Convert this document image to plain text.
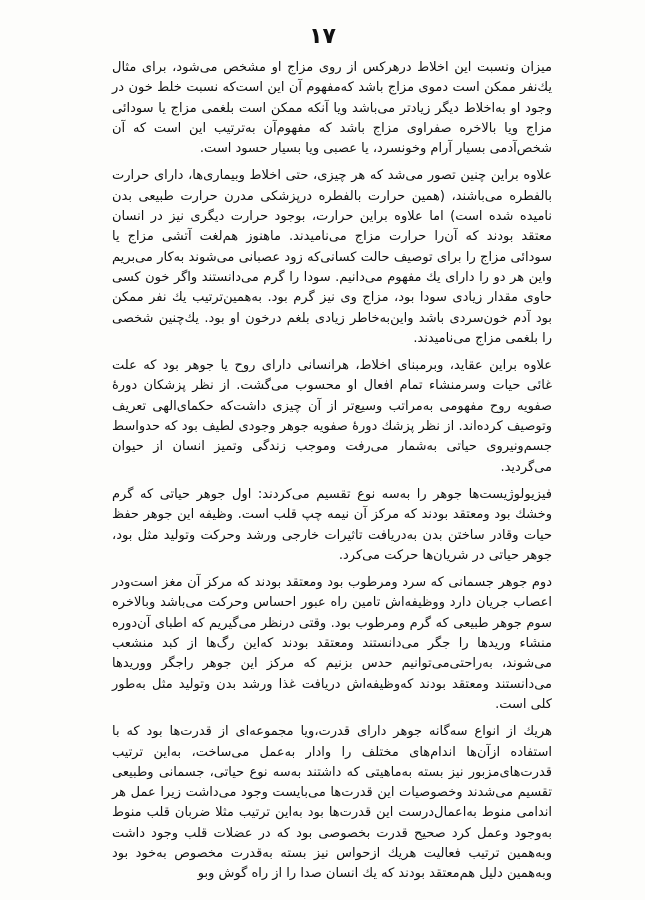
۱۷

میزان ونسبت این اخلاط درهرکس از روی مزاج او مشخص می‌شود، برای مثال یك‌نفر ممکن است دموی مزاج باشد که‌مفهوم آن این است‌که نسبت خلط خون در وجود او به‌اخلاط دیگر زیادتر می‌باشد ویا آنکه ممکن است بلغمی مزاج یا سودائی مزاج ویا بالاخره صفراوی مزاج باشد که مفهوم‌آن به‌ترتیب این است که آن شخص‌آدمی بسیار آرام وخونسرد، یا عصبی ویا بسیار حسود است.

علاوه براین چنین تصور می‌شد که هر چیزی، حتی اخلاط وبیماری‌ها، دارای حرارت بالفطره می‌باشند، (همین حرارت بالفطره درپزشکی مدرن حرارت طبیعی بدن نامیده شده است) اما علاوه براین حرارت، بوجود حرارت دیگری نیز در انسان معتقد بودند که آن‌را حرارت مزاج می‌نامیدند. ماهنوز هم‌لغت آتشی مزاج یا سودائی مزاج را برای توصیف حالت کسانی‌که زود عصبانی می‌شوند به‌کار می‌بریم واین هر دو را دارای یك مفهوم می‌دانیم. سودا را گرم می‌دانستند واگر خون کسی حاوی مقدار زیادی سودا بود، مزاج وی نیز گرم بود. به‌همین‌ترتیب یك نفر ممکن بود آدم خون‌سردی باشد واین‌به‌خاطر زیادی بلغم درخون او بود. یك‌چنین شخصی را بلغمی مزاج می‌نامیدند.

علاوه براین عقاید، وبرمبنای اخلاط، هرانسانی دارای روح یا جوهر بود که علت غائی حیات وسرمنشاء تمام افعال او محسوب می‌گشت. از نظر پزشکان دورهٔ صفویه روح مفهومی به‌مراتب وسیع‌تر از آن چیزی داشت‌که حکمای‌الهی تعریف وتوصیف کرده‌اند. از نظر پزشك دورهٔ صفویه جوهر وجودی لطیف بود که حدواسط جسم‌ونیروی حیاتی به‌شمار می‌رفت وموجب زندگی وتمیز انسان از حیوان می‌گردید.

فیزیولوژیست‌ها جوهر را به‌سه نوع تقسیم می‌کردند: اول جوهر حیاتی که گرم وخشك بود ومعتقد بودند که مرکز آن نیمه چپ قلب است. وظیفه این جوهر حفظ حیات وقادر ساختن بدن به‌دریافت تاثیرات خارجی ورشد وحرکت وتولید مثل بود، جوهر حیاتی در شریان‌ها حرکت می‌کرد.

دوم جوهر جسمانی که سرد ومرطوب بود ومعتقد بودند که مرکز آن مغز است‌ودر اعصاب جریان دارد ووظیفه‌اش تامین راه عبور احساس وحرکت می‌باشد وبالاخره سوم جوهر طبیعی که گرم ومرطوب بود. وقتی درنظر می‌گیریم که اطبای آن‌دوره منشاء وریدها را جگر می‌دانستند ومعتقد بودند که‌این رگ‌ها از کبد منشعب می‌شوند، به‌راحتی‌می‌توانیم حدس بزنیم که مرکز این جوهر راجگر ووریدها می‌دانستند ومعتقد بودند که‌وظیفه‌اش دریافت غذا ورشد بدن وتولید مثل به‌طور کلی است.

هریك از انواع سه‌گانه جوهر دارای قدرت،ویا مجموعه‌ای از قدرت‌ها بود که با استفاده ازآن‌ها اندام‌های مختلف را وادار به‌عمل می‌ساخت، به‌این ترتیب قدرت‌های‌مزبور نیز بسته به‌ماهیتی که داشتند به‌سه نوع حیاتی، جسمانی وطبیعی تقسیم می‌شدند وخصوصیات این قدرت‌ها می‌بایست وجود می‌داشت زیرا عمل هر اندامی منوط به‌اعمال‌درست این قدرت‌ها بود به‌این ترتیب مثلا ضربان قلب منوط به‌وجود وعمل کرد صحیح قدرت بخصوصی بود که در عضلات قلب وجود داشت وبه‌همین ترتیب فعالیت هریك ازحواس نیز بسته به‌قدرت مخصوص به‌خود بود وبه‌همین دلیل هم‌معتقد بودند که یك انسان صدا را از راه گوش وبو
